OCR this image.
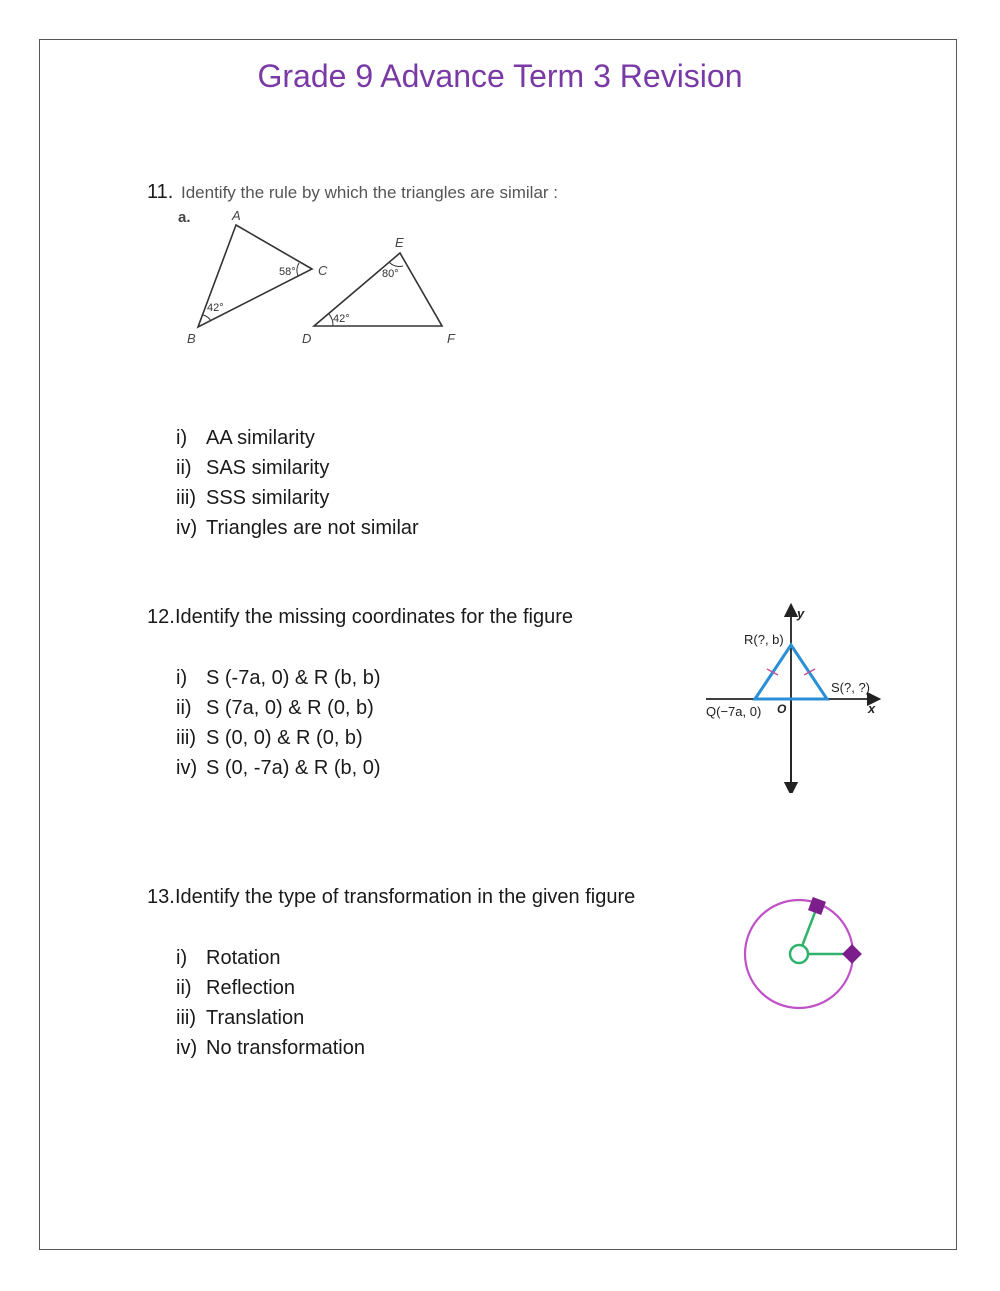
Grade 9 Advance Term 3 Revision
11. Identify the rule by which the triangles are similar :
a.	A
C
B
E
D	F
58°
42°
80°
42°
i) AA similarity
ii) SAS similarity
iii) SSS similarity
iv) Triangles are not similar
12. Identify the missing coordinates for the figure
i) S (-7a, 0) & R (b, b)
ii) S (7a, 0) & R (0, b)
iii) S (0, 0) & R (0, b)
iv) S (0, -7a) & R (b, 0)
y
x
R(?, b)
S(?, ?)
Q(−7a, 0) O
13. Identify the type of transformation in the given figure
i) Rotation
ii) Reflection
iii) Translation
iv) No transformation
